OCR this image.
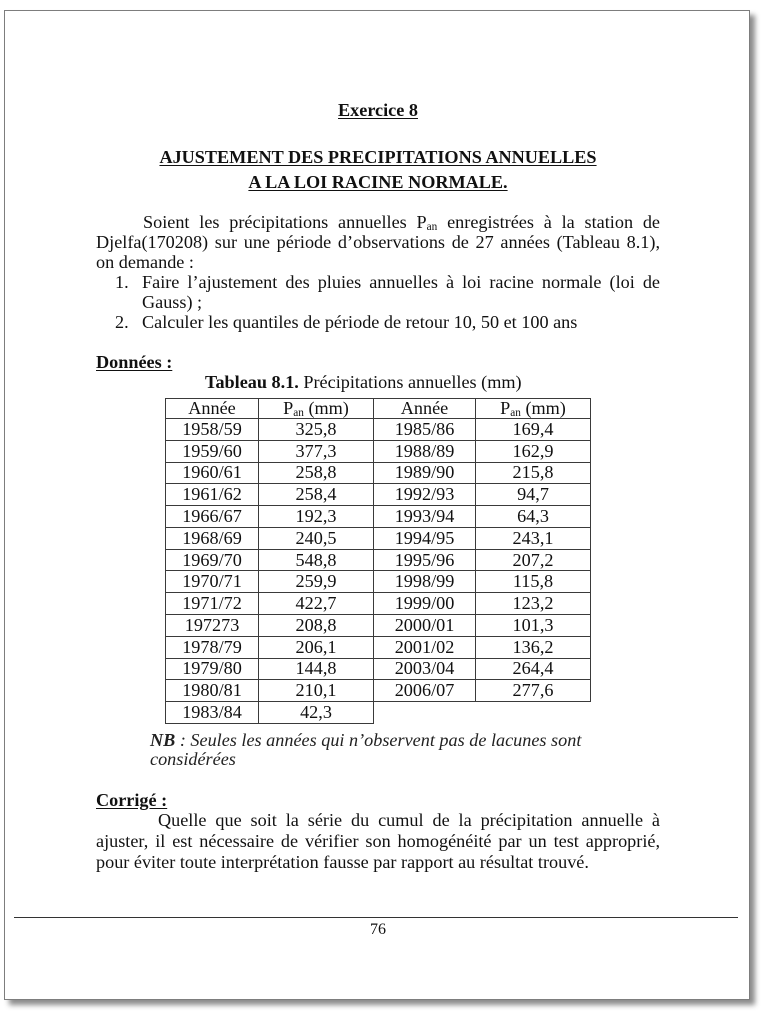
Exercice 8
AJUSTEMENT DES PRECIPITATIONS ANNUELLES
A LA LOI RACINE NORMALE.

Soient les précipitations annuelles Pan enregistrées à la station de Djelfa(170208) sur une période d’observations de 27 années (Tableau 8.1), on demande :

1. Faire l’ajustement des pluies annuelles à loi racine normale (loi de Gauss) ;
2. Calculer les quantiles de période de retour 10, 50 et 100 ans
Données :
Tableau 8.1. Précipitations annuelles (mm)
Année	Pan (mm)	Année	Pan (mm)
1958/59	325,8	1985/86	169,4
1959/60	377,3	1988/89	162,9
1960/61	258,8	1989/90	215,8
1961/62	258,4	1992/93	94,7
1966/67	192,3	1993/94	64,3
1968/69	240,5	1994/95	243,1
1969/70	548,8	1995/96	207,2
1970/71	259,9	1998/99	115,8
1971/72	422,7	1999/00	123,2
197273	208,8	2000/01	101,3
1978/79	206,1	2001/02	136,2
1979/80	144,8	2003/04	264,4
1980/81	210,1	2006/07	277,6
1983/84	42,3		
NB : Seules les années qui n’observent pas de lacunes sont considérées
Corrigé :

Quelle que soit la série du cumul de la précipitation annuelle à ajuster, il est nécessaire de vérifier son homogénéité par un test approprié, pour éviter toute interprétation fausse par rapport au résultat trouvé.

76
